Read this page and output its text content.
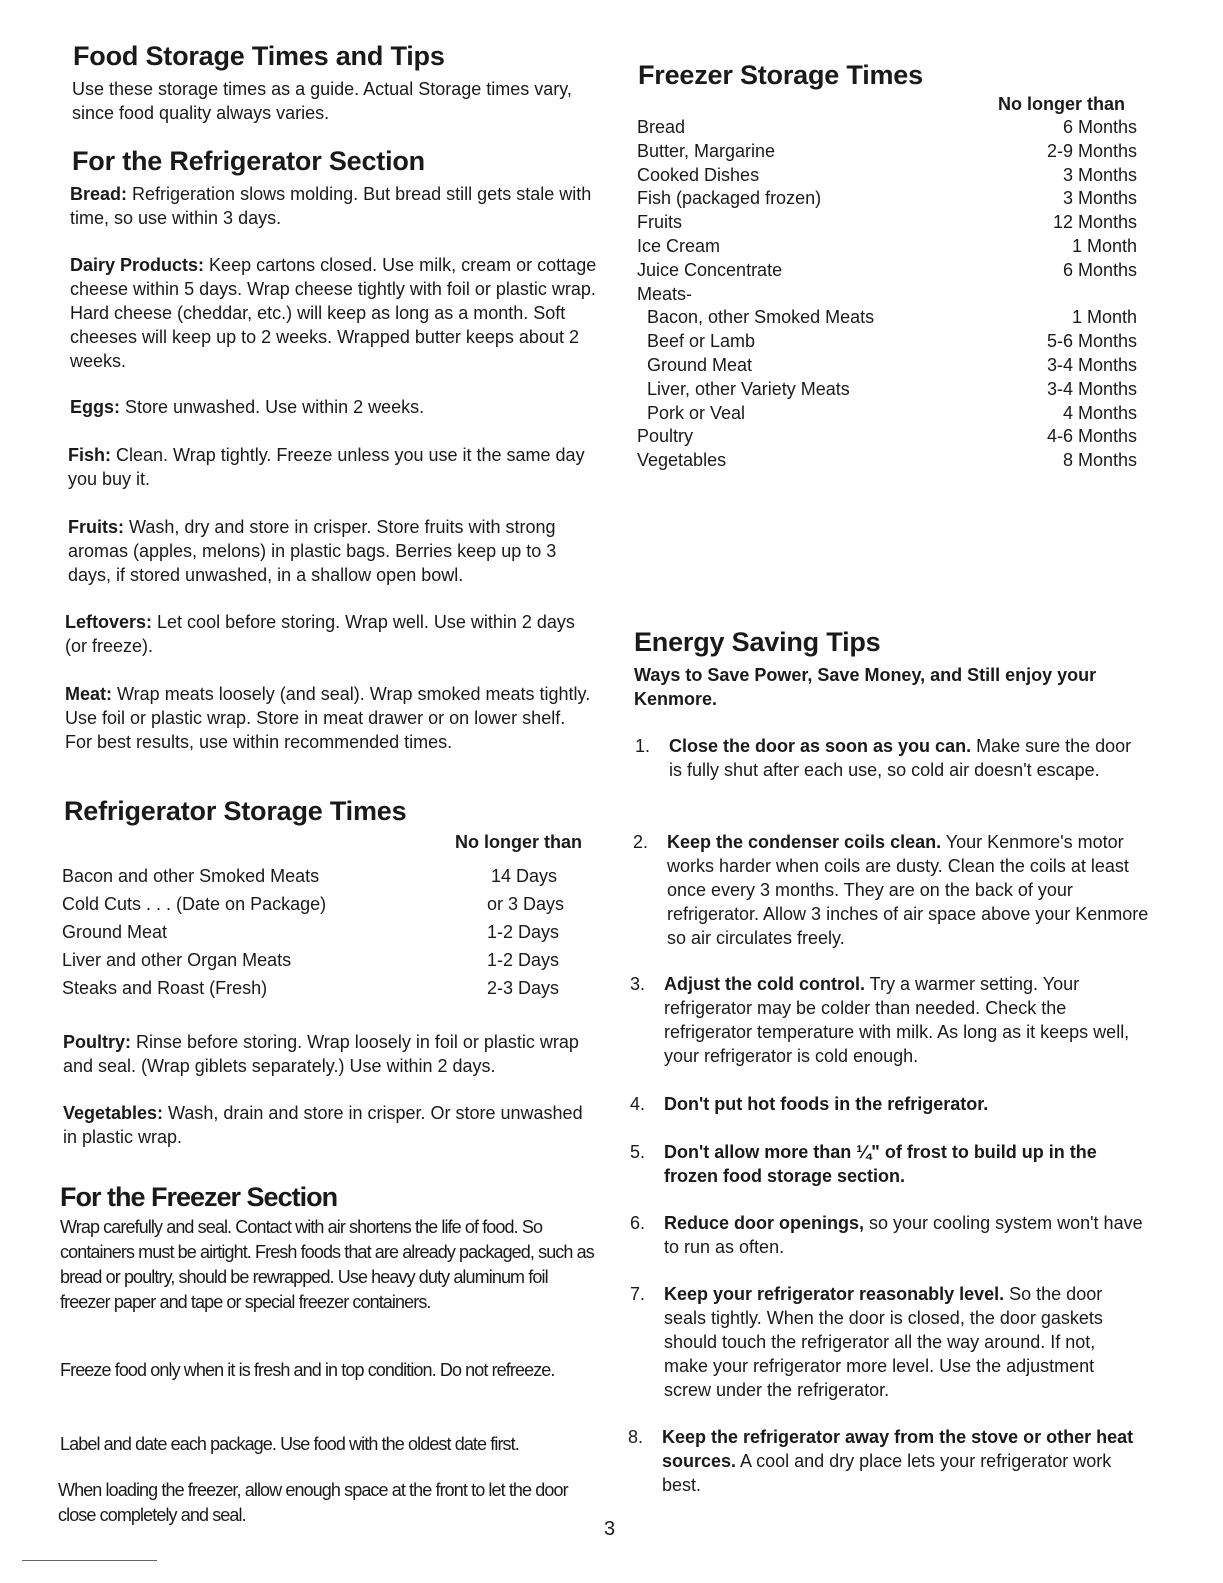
Food Storage Times and Tips

Use these storage times as a guide. Actual Storage times vary, since food quality always varies.

For the Refrigerator Section

Bread: Refrigeration slows molding. But bread still gets stale with time, so use within 3 days.

Dairy Products: Keep cartons closed. Use milk, cream or cottage cheese within 5 days. Wrap cheese tightly with foil or plastic wrap. Hard cheese (cheddar, etc.) will keep as long as a month. Soft cheeses will keep up to 2 weeks. Wrapped butter keeps about 2 weeks.

Eggs: Store unwashed. Use within 2 weeks.

Fish: Clean. Wrap tightly. Freeze unless you use it the same day you buy it.

Fruits: Wash, dry and store in crisper. Store fruits with strong aromas (apples, melons) in plastic bags. Berries keep up to 3 days, if stored unwashed, in a shallow open bowl.

Leftovers: Let cool before storing. Wrap well. Use within 2 days (or freeze).

Meat: Wrap meats loosely (and seal). Wrap smoked meats tightly. Use foil or plastic wrap. Store in meat drawer or on lower shelf. For best results, use within recommended times.

Refrigerator Storage Times
No longer than
Bacon and other Smoked Meats	14 Days
Cold Cuts . . . (Date on Package)	or 3 Days
Ground Meat	1-2 Days
Liver and other Organ Meats	1-2 Days
Steaks and Roast (Fresh)	2-3 Days

Poultry: Rinse before storing. Wrap loosely in foil or plastic wrap and seal. (Wrap giblets separately.) Use within 2 days.

Vegetables: Wash, drain and store in crisper. Or store unwashed in plastic wrap.

For the Freezer Section

Wrap carefully and seal. Contact with air shortens the life of food. So containers must be airtight. Fresh foods that are already packaged, such as bread or poultry, should be rewrapped. Use heavy duty aluminum foil freezer paper and tape or special freezer containers.

Freeze food only when it is fresh and in top condition. Do not refreeze.

Label and date each package. Use food with the oldest date first.

When loading the freezer, allow enough space at the front to let the door close completely and seal.

Freezer Storage Times
No longer than
Bread	6 Months
Butter, Margarine	2-9 Months
Cooked Dishes	3 Months
Fish (packaged frozen)	3 Months
Fruits	12 Months
Ice Cream	1 Month
Juice Concentrate	6 Months
Meats-
Bacon, other Smoked Meats	1 Month
Beef or Lamb	5-6 Months
Ground Meat	3-4 Months
Liver, other Variety Meats	3-4 Months
Pork or Veal	4 Months
Poultry	4-6 Months
Vegetables	8 Months
Energy Saving Tips

Ways to Save Power, Save Money, and Still enjoy your Kenmore.

1.	Close the door as soon as you can. Make sure the door is fully shut after each use, so cold air doesn't escape.
2.	Keep the condenser coils clean. Your Kenmore's motor works harder when coils are dusty. Clean the coils at least once every 3 months. They are on the back of your refrigerator. Allow 3 inches of air space above your Kenmore so air circulates freely.
3.	Adjust the cold control. Try a warmer setting. Your refrigerator may be colder than needed. Check the refrigerator temperature with milk. As long as it keeps well, your refrigerator is cold enough.
4.	Don't put hot foods in the refrigerator.
5.	Don't allow more than ¼" of frost to build up in the frozen food storage section.
6.	Reduce door openings, so your cooling system won't have to run as often.
7.	Keep your refrigerator reasonably level. So the door seals tightly. When the door is closed, the door gaskets should touch the refrigerator all the way around. If not, make your refrigerator more level. Use the adjustment screw under the refrigerator.
8.	Keep the refrigerator away from the stove or other heat sources. A cool and dry place lets your refrigerator work best.
3
